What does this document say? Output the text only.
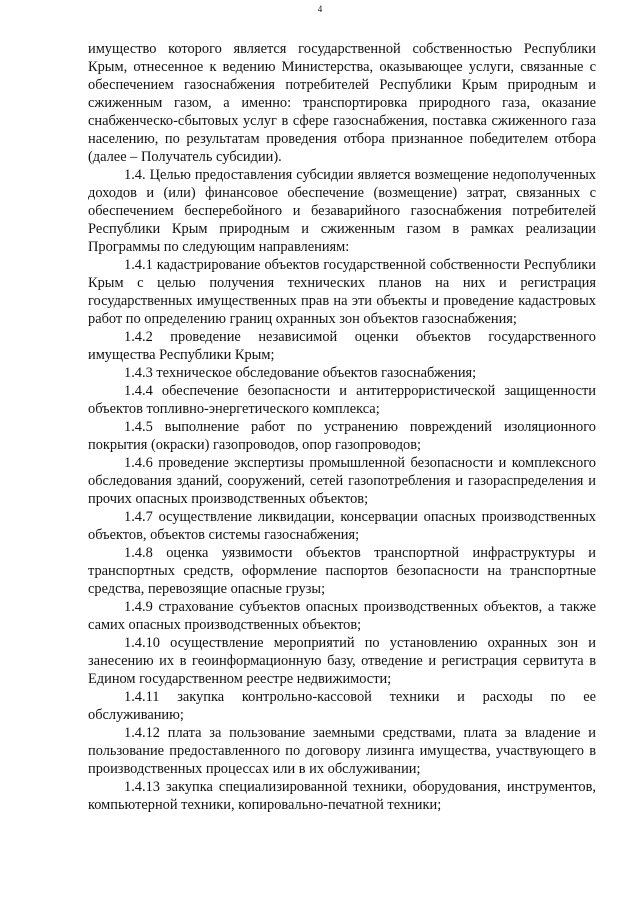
4

имущество которого является государственной собственностью Республики Крым, отнесенное к ведению Министерства, оказывающее услуги, связанные с обеспечением газоснабжения потребителей Республики Крым природным и сжиженным газом, а именно: транспортировка природного газа, оказание снабженческо-сбытовых услуг в сфере газоснабжения, поставка сжиженного газа населению, по результатам проведения отбора признанное победителем отбора (далее – Получатель субсидии).

1.4. Целью предоставления субсидии является возмещение недополученных доходов и (или) финансовое обеспечение (возмещение) затрат, связанных с обеспечением бесперебойного и безаварийного газоснабжения потребителей Республики Крым природным и сжиженным газом в рамках реализации Программы по следующим направлениям:

1.4.1 кадастрирование объектов государственной собственности Республики Крым с целью получения технических планов на них и регистрация государственных имущественных прав на эти объекты и проведение кадастровых работ по определению границ охранных зон объектов газоснабжения;

1.4.2 проведение независимой оценки объектов государственного имущества Республики Крым;

1.4.3 техническое обследование объектов газоснабжения;

1.4.4 обеспечение безопасности и антитеррористической защищенности объектов топливно-энергетического комплекса;

1.4.5 выполнение работ по устранению повреждений изоляционного покрытия (окраски) газопроводов, опор газопроводов;

1.4.6 проведение экспертизы промышленной безопасности и комплексного обследования зданий, сооружений, сетей газопотребления и газораспределения и прочих опасных производственных объектов;

1.4.7 осуществление ликвидации, консервации опасных производственных объектов, объектов системы газоснабжения;

1.4.8 оценка уязвимости объектов транспортной инфраструктуры и транспортных средств, оформление паспортов безопасности на транспортные средства, перевозящие опасные грузы;

1.4.9 страхование субъектов опасных производственных объектов, а также самих опасных производственных объектов;

1.4.10 осуществление мероприятий по установлению охранных зон и занесению их в геоинформационную базу, отведение и регистрация сервитута в Едином государственном реестре недвижимости;

1.4.11 закупка контрольно-кассовой техники и расходы по ее обслуживанию;

1.4.12 плата за пользование заемными средствами, плата за владение и пользование предоставленного по договору лизинга имущества, участвующего в производственных процессах или в их обслуживании;

1.4.13 закупка специализированной техники, оборудования, инструментов, компьютерной техники, копировально-печатной техники;
